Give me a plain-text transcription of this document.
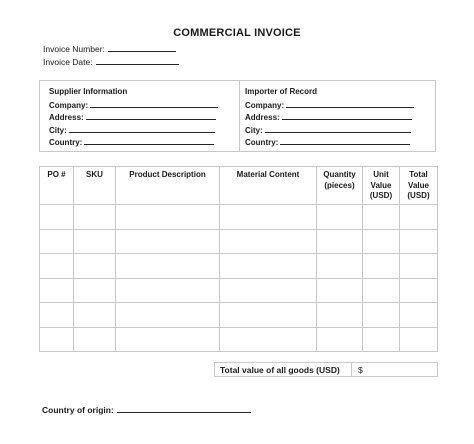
COMMERCIAL INVOICE
Invoice Number:
Invoice Date:
Supplier Information
Company:
Address:
City:
Country:
Importer of Record
Company:
Address:
City:
Country:
PO #	SKU	Product Description	Material Content	Quantity (pieces)	Unit Value (USD)	Total Value (USD)

Total value of all goods (USD) $
Country of origin:
